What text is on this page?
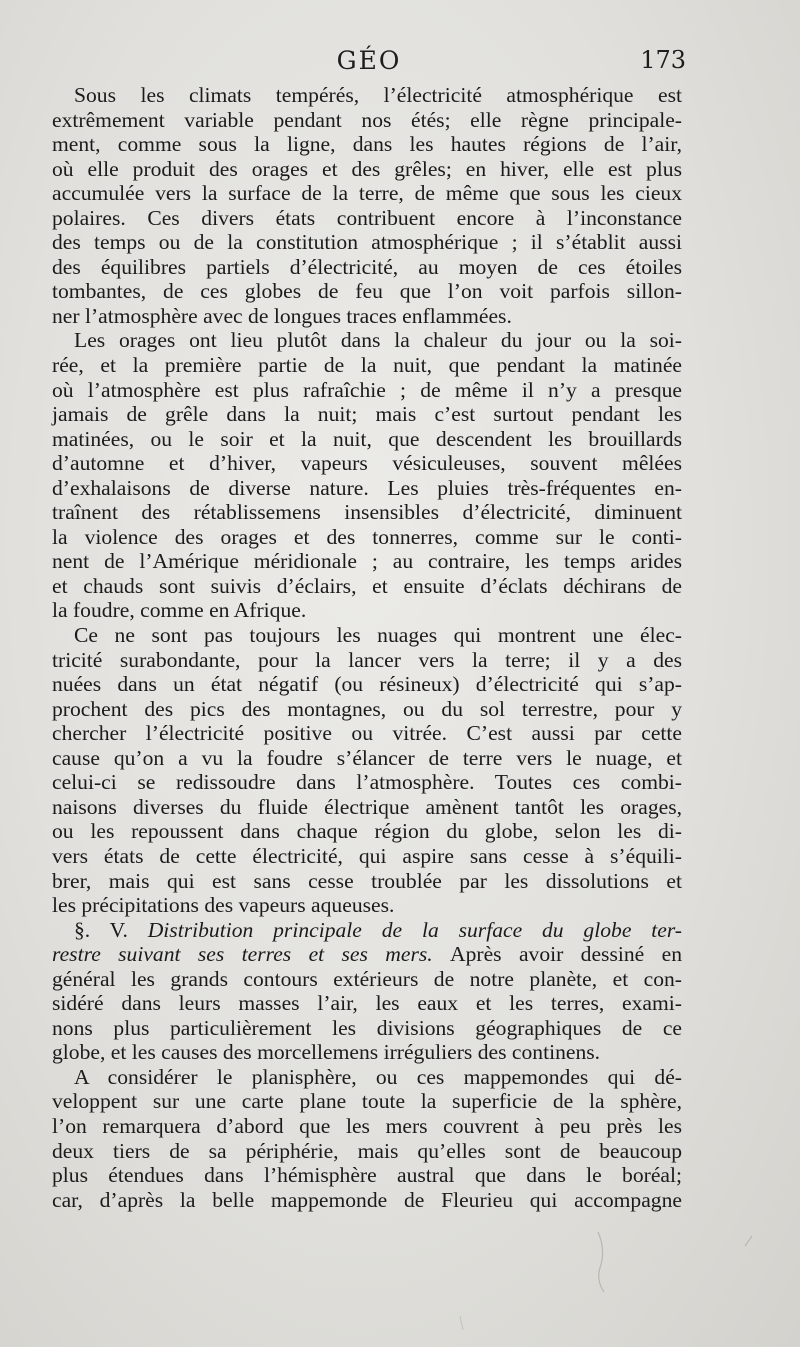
GÉO	173
Sous les climats tempérés, l’électricité atmosphérique est
extrêmement variable pendant nos étés; elle règne principale-
ment, comme sous la ligne, dans les hautes régions de l’air,
où elle produit des orages et des grêles; en hiver, elle est plus
accumulée vers la surface de la terre, de même que sous les cieux
polaires. Ces divers états contribuent encore à l’inconstance
des temps ou de la constitution atmosphérique ; il s’établit aussi
des équilibres partiels d’électricité, au moyen de ces étoiles
tombantes, de ces globes de feu que l’on voit parfois sillon-
ner l’atmosphère avec de longues traces enflammées.
Les orages ont lieu plutôt dans la chaleur du jour ou la soi-
rée, et la première partie de la nuit, que pendant la matinée
où l’atmosphère est plus rafraîchie ; de même il n’y a presque
jamais de grêle dans la nuit; mais c’est surtout pendant les
matinées, ou le soir et la nuit, que descendent les brouillards
d’automne et d’hiver, vapeurs vésiculeuses, souvent mêlées
d’exhalaisons de diverse nature. Les pluies très-fréquentes en-
traînent des rétablissemens insensibles d’électricité, diminuent
la violence des orages et des tonnerres, comme sur le conti-
nent de l’Amérique méridionale ; au contraire, les temps arides
et chauds sont suivis d’éclairs, et ensuite d’éclats déchirans de
la foudre, comme en Afrique.
Ce ne sont pas toujours les nuages qui montrent une élec-
tricité surabondante, pour la lancer vers la terre; il y a des
nuées dans un état négatif (ou résineux) d’électricité qui s’ap-
prochent des pics des montagnes, ou du sol terrestre, pour y
chercher l’électricité positive ou vitrée. C’est aussi par cette
cause qu’on a vu la foudre s’élancer de terre vers le nuage, et
celui-ci se redissoudre dans l’atmosphère. Toutes ces combi-
naisons diverses du fluide électrique amènent tantôt les orages,
ou les repoussent dans chaque région du globe, selon les di-
vers états de cette électricité, qui aspire sans cesse à s’équili-
brer, mais qui est sans cesse troublée par les dissolutions et
les précipitations des vapeurs aqueuses.
§. V. Distribution principale de la surface du globe ter-
restre suivant ses terres et ses mers. Après avoir dessiné en
général les grands contours extérieurs de notre planète, et con-
sidéré dans leurs masses l’air, les eaux et les terres, exami-
nons plus particulièrement les divisions géographiques de ce
globe, et les causes des morcellemens irréguliers des continens.
A considérer le planisphère, ou ces mappemondes qui dé-
veloppent sur une carte plane toute la superficie de la sphère,
l’on remarquera d’abord que les mers couvrent à peu près les
deux tiers de sa périphérie, mais qu’elles sont de beaucoup
plus étendues dans l’hémisphère austral que dans le boréal;
car, d’après la belle mappemonde de Fleurieu qui accompagne
